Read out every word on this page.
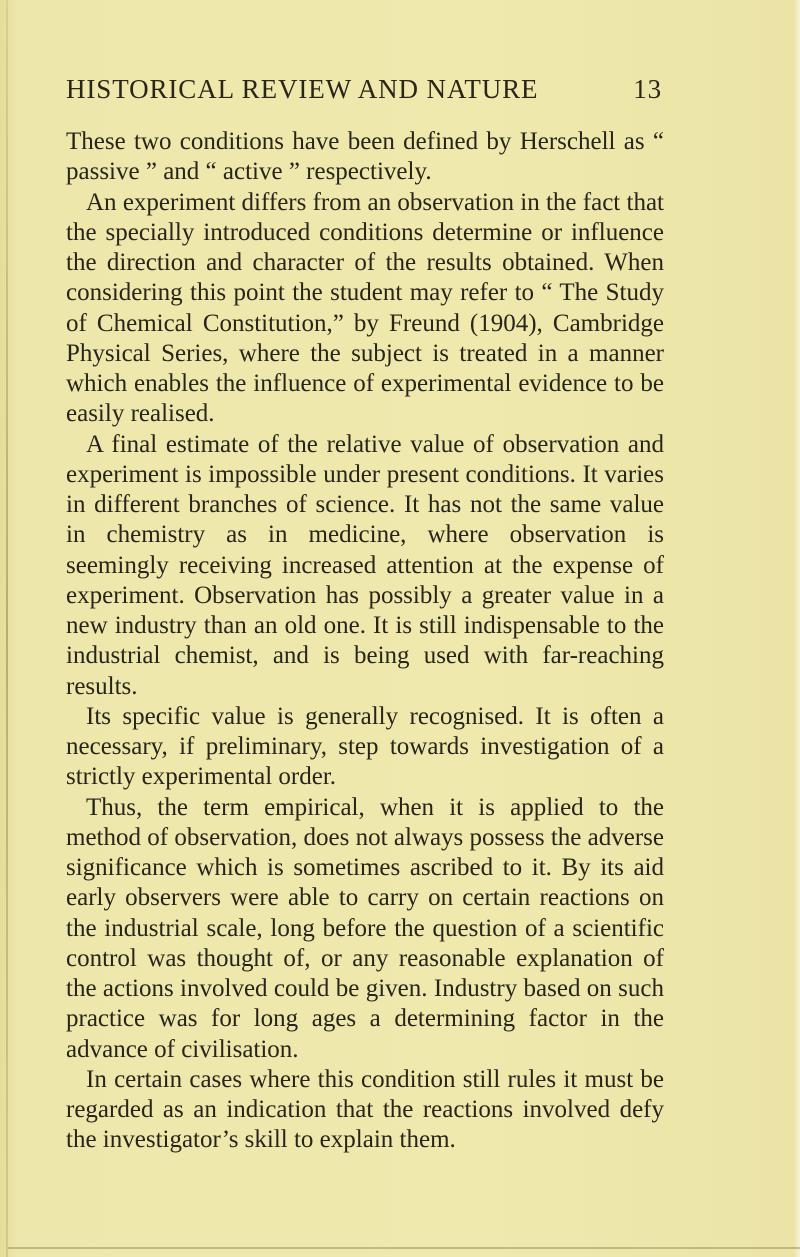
HISTORICAL REVIEW AND NATURE	13

These two conditions have been defined by Herschell as “ passive ” and “ active ” respectively.

An experiment differs from an observation in the fact that the specially introduced conditions determine or influence the direction and character of the results obtained. When considering this point the student may refer to “ The Study of Chemical Constitution,” by Freund (1904), Cambridge Physical Series, where the subject is treated in a manner which enables the influence of experimental evidence to be easily realised.

A final estimate of the relative value of observation and experiment is impossible under present conditions. It varies in different branches of science. It has not the same value in chemistry as in medicine, where observation is seemingly receiving increased attention at the expense of experiment. Observation has possibly a greater value in a new industry than an old one. It is still indispensable to the industrial chemist, and is being used with far-reaching results.

Its specific value is generally recognised. It is often a necessary, if preliminary, step towards investigation of a strictly experimental order.

Thus, the term empirical, when it is applied to the method of observation, does not always possess the adverse significance which is sometimes ascribed to it. By its aid early observers were able to carry on certain reactions on the industrial scale, long before the question of a scientific control was thought of, or any reasonable explanation of the actions involved could be given. Industry based on such practice was for long ages a determining factor in the advance of civilisation.

In certain cases where this condition still rules it must be regarded as an indication that the reactions involved defy the investigator’s skill to explain them.
